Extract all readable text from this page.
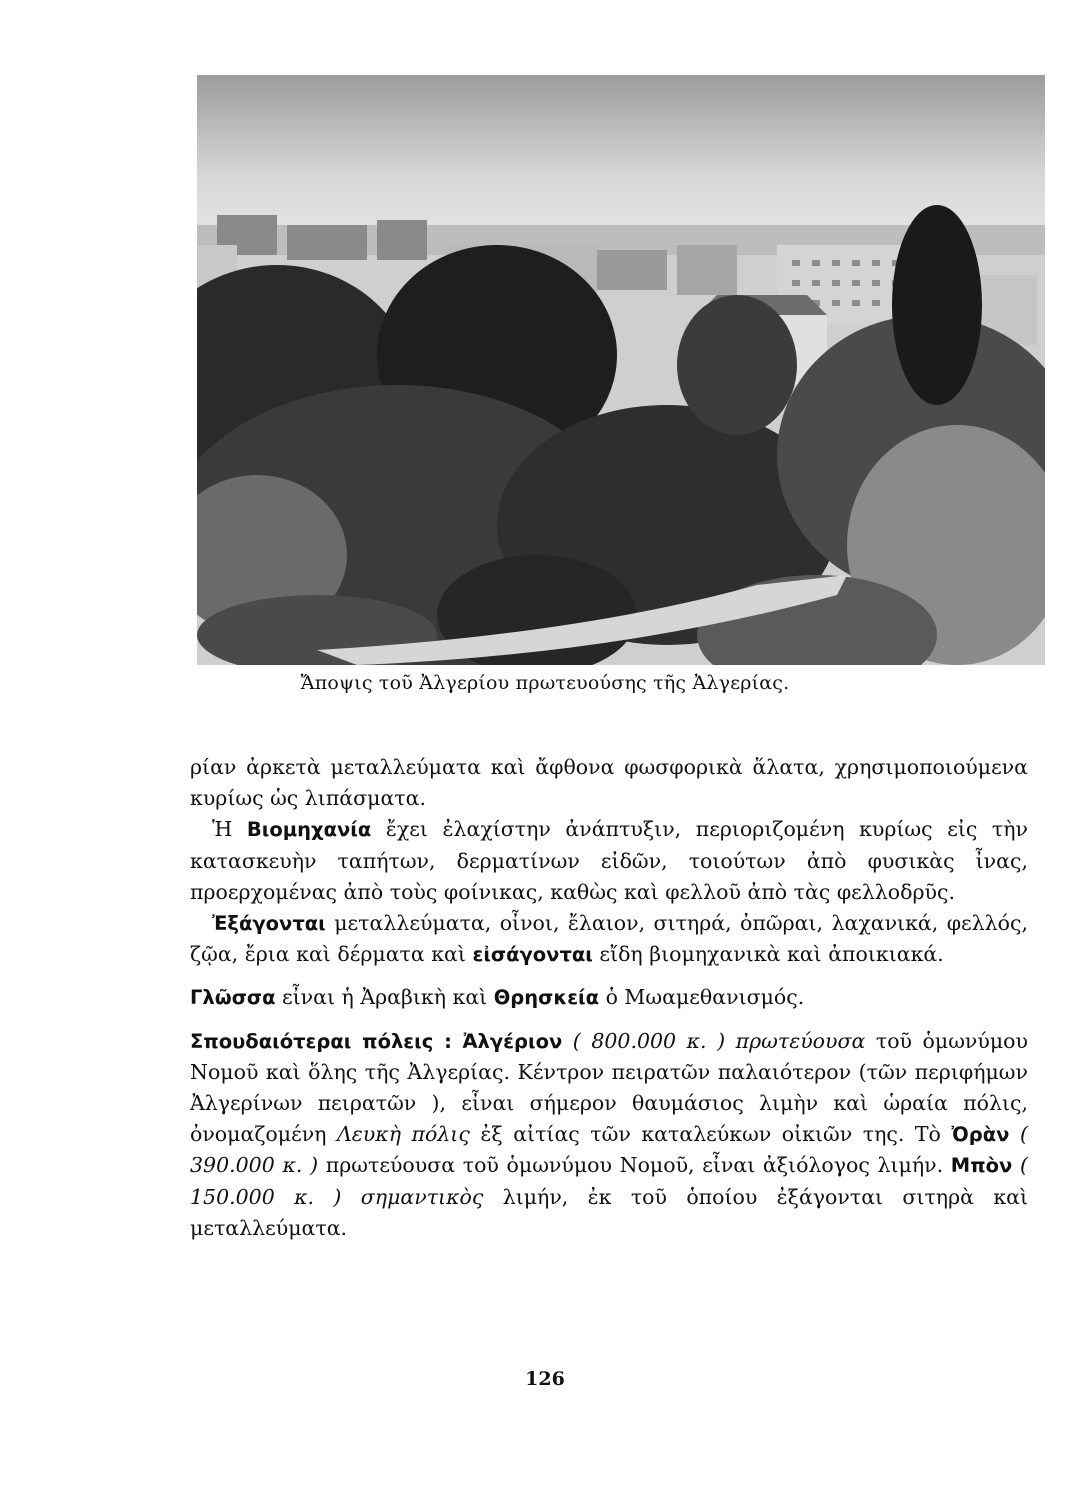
Ἄποψις τοῦ Ἀλγερίου πρωτευούσης τῆς Ἀλγερίας.

ρίαν ἀρκετὰ μεταλλεύματα καὶ ἄφθονα φωσφορικὰ ἅλατα, χρησιμοποιούμενα κυρίως ὡς λιπάσματα.

Ἡ Βιομηχανία ἔχει ἐλαχίστην ἀνάπτυξιν, περιοριζομένη κυρίως εἰς τὴν κατασκευὴν ταπήτων, δερματίνων εἰδῶν, τοιούτων ἀπὸ φυσικὰς ἶνας, προερχομένας ἀπὸ τοὺς φοίνικας, καθὼς καὶ φελλοῦ ἀπὸ τὰς φελλοδρῦς.

Ἐξάγονται μεταλλεύματα, οἶνοι, ἔλαιον, σιτηρά, ὀπῶραι, λαχανικά, φελλός, ζῷα, ἔρια καὶ δέρματα καὶ εἰσάγονται εἴδη βιομηχανικὰ καὶ ἀποικιακά.

Γλῶσσα εἶναι ἡ Ἀραβικὴ καὶ Θρησκεία ὁ Μωαμεθανισμός.

Σπουδαιότεραι πόλεις : Ἀλγέριον ( 800.000 κ. ) πρωτεύουσα τοῦ ὁμωνύμου Νομοῦ καὶ ὅλης τῆς Ἀλγερίας. Κέντρον πειρατῶν παλαιότερον (τῶν περιφήμων Ἀλγερίνων πειρατῶν ), εἶναι σήμερον θαυμάσιος λιμὴν καὶ ὡραία πόλις, ὀνομαζομένη Λευκὴ πόλις ἐξ αἰτίας τῶν καταλεύκων οἰκιῶν της. Τὸ Ὀρὰν ( 390.000 κ. ) πρωτεύουσα τοῦ ὁμωνύμου Νομοῦ, εἶναι ἀξιόλογος λιμήν. Μπὸν ( 150.000 κ. ) σημαντικὸς λιμήν, ἐκ τοῦ ὁποίου ἐξάγονται σιτηρὰ καὶ μεταλλεύματα.

126
